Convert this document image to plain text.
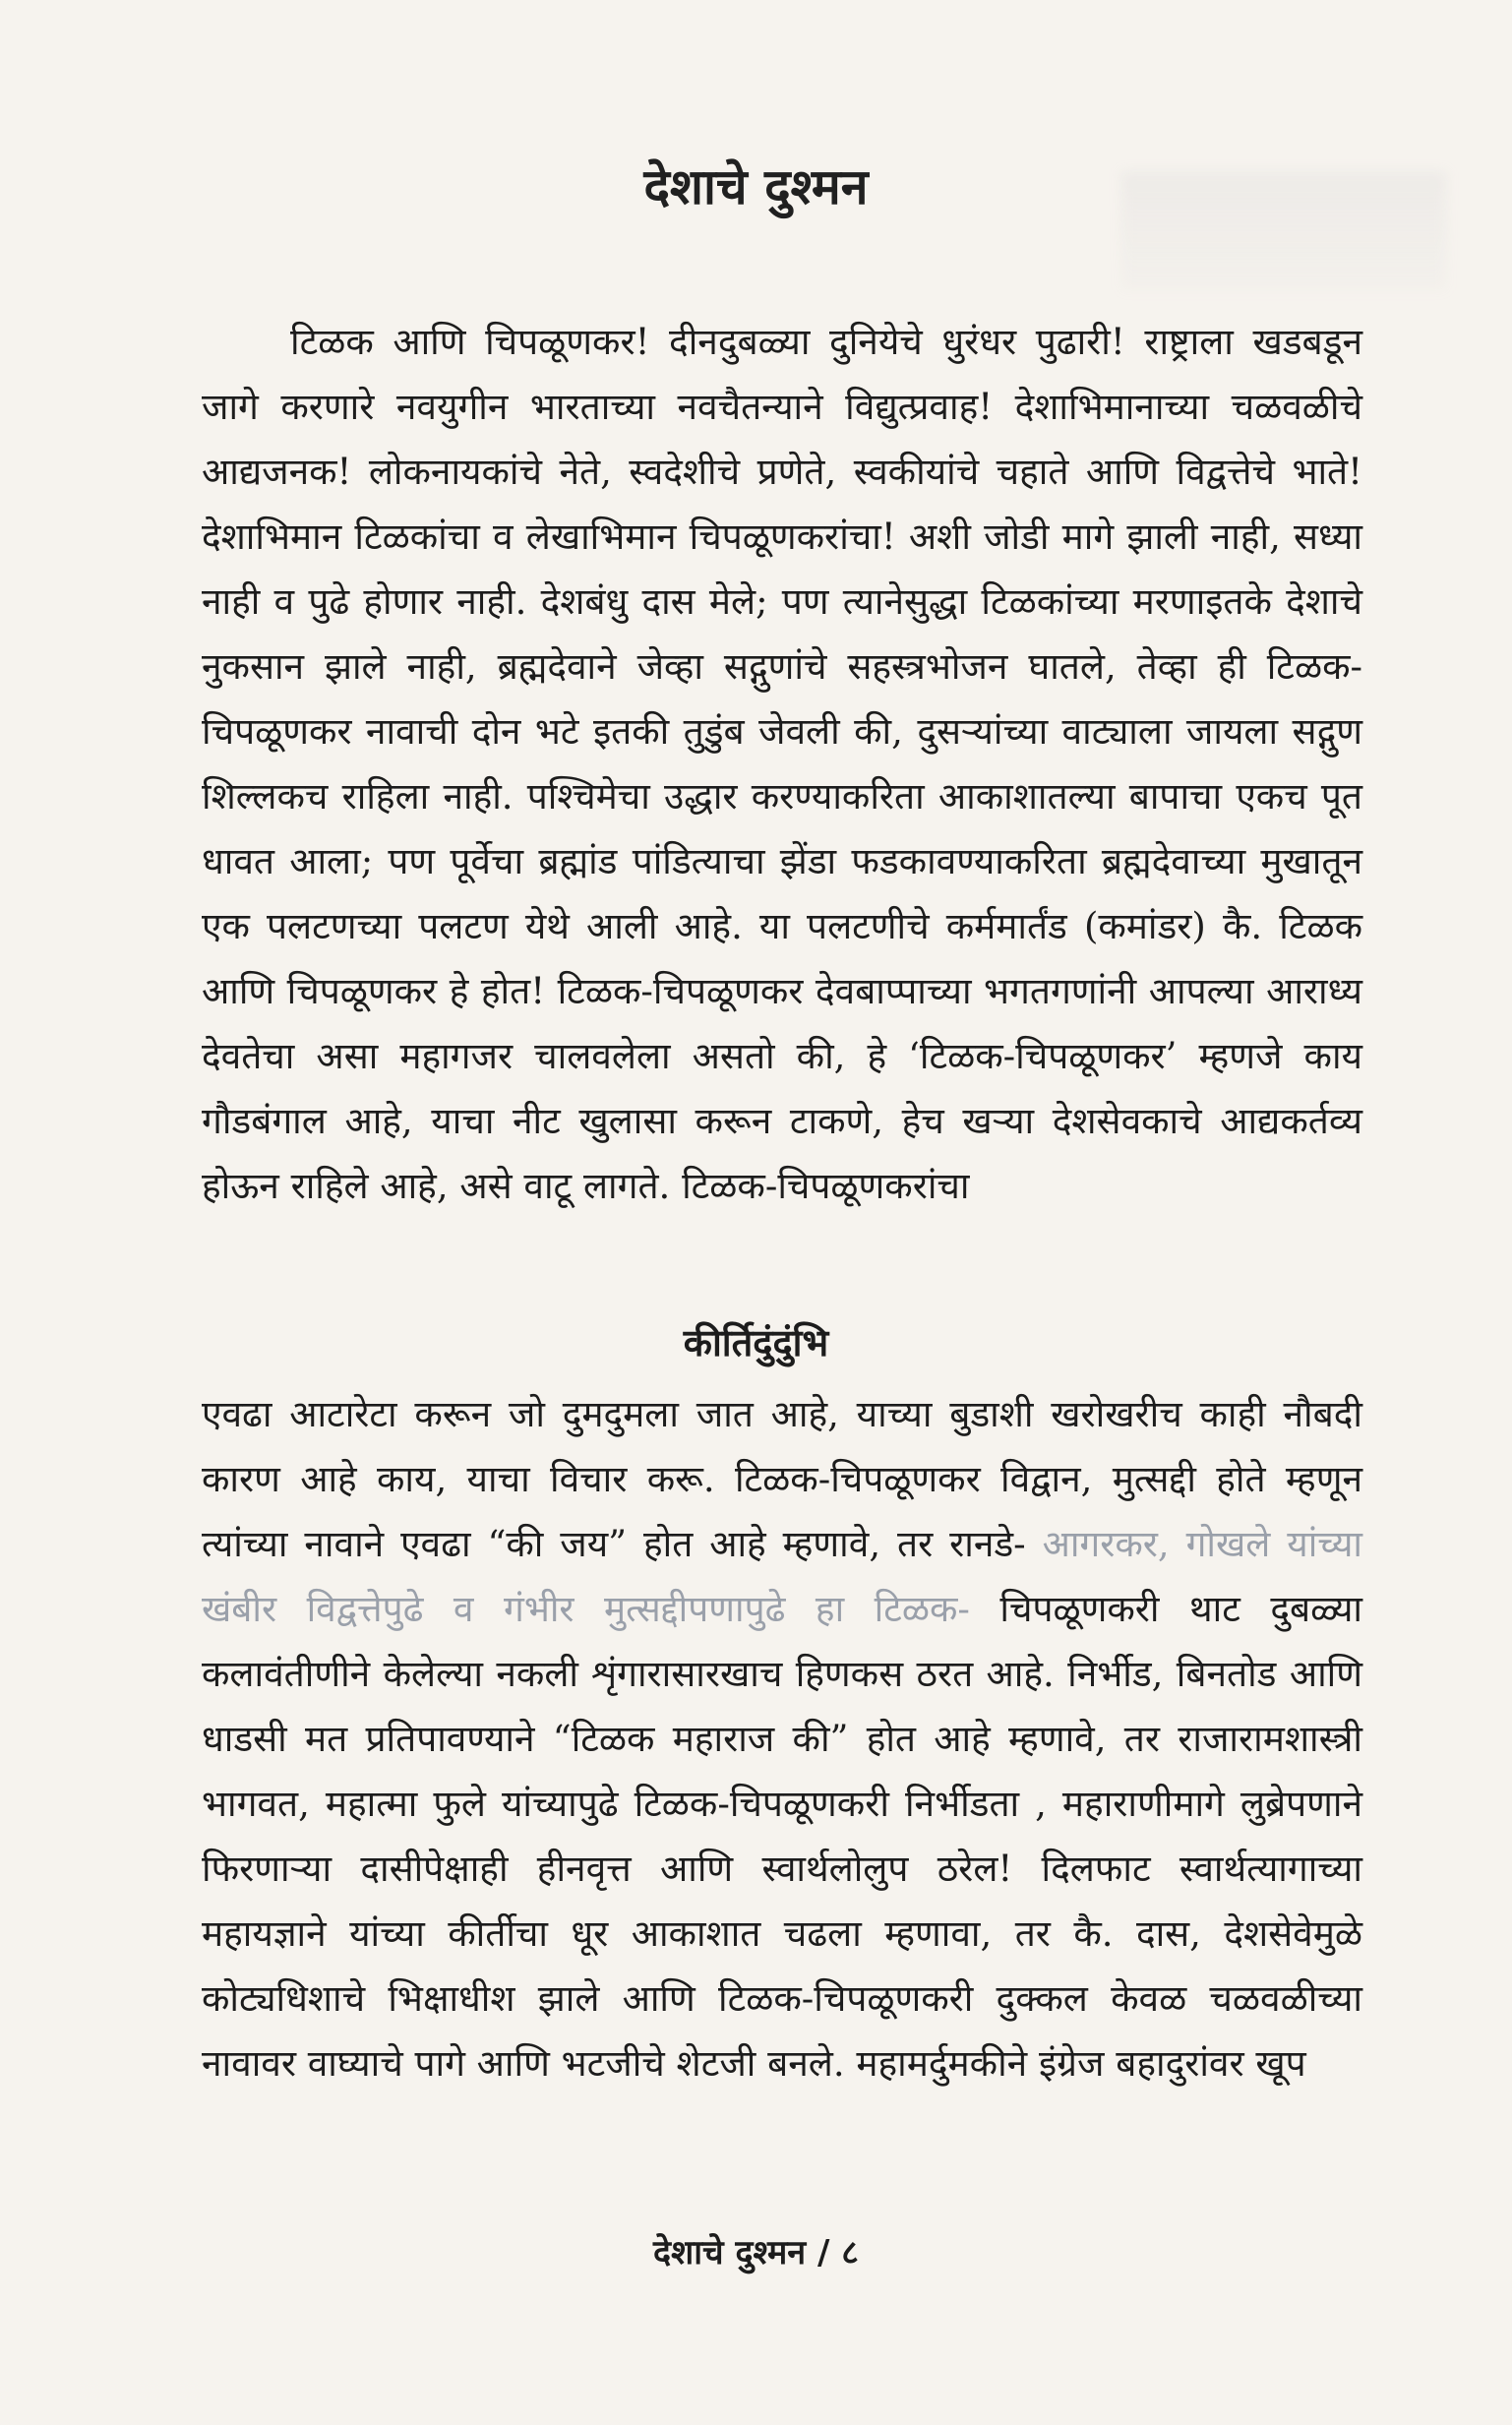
देशाचे दुश्मन

टिळक आणि चिपळूणकर! दीनदुबळ्या दुनियेचे धुरंधर पुढारी! राष्ट्राला खडबडून जागे करणारे नवयुगीन भारताच्या नवचैतन्याने विद्युत्प्रवाह! देशाभिमानाच्या चळवळीचे आद्यजनक! लोकनायकांचे नेते, स्वदेशीचे प्रणेते, स्वकीयांचे चहाते आणि विद्वत्तेचे भाते! देशाभिमान टिळकांचा व लेखाभिमान चिपळूणकरांचा! अशी जोडी मागे झाली नाही, सध्या नाही व पुढे होणार नाही. देशबंधु दास मेले; पण त्यानेसुद्धा टिळकांच्या मरणाइतके देशाचे नुकसान झाले नाही, ब्रह्मदेवाने जेव्हा सद्गुणांचे सहस्त्रभोजन घातले, तेव्हा ही टिळक-चिपळूणकर नावाची दोन भटे इतकी तुडुंब जेवली की, दुसऱ्यांच्या वाट्याला जायला सद्गुण शिल्लकच राहिला नाही. पश्चिमेचा उद्धार करण्याकरिता आकाशातल्या बापाचा एकच पूत धावत आला; पण पूर्वेचा ब्रह्मांड पांडित्याचा झेंडा फडकावण्याकरिता ब्रह्मदेवाच्या मुखातून एक पलटणच्या पलटण येथे आली आहे. या पलटणीचे कर्ममार्तंड (कमांडर) कै. टिळक आणि चिपळूणकर हे होत! टिळक-चिपळूणकर देवबाप्पाच्या भगतगणांनी आपल्या आराध्य देवतेचा असा महागजर चालवलेला असतो की, हे ‘टिळक-चिपळूणकर’ म्हणजे काय गौडबंगाल आहे, याचा नीट खुलासा करून टाकणे, हेच खऱ्या देशसेवकाचे आद्यकर्तव्य होऊन राहिले आहे, असे वाटू लागते. टिळक-चिपळूणकरांचा

कीर्तिदुंदुंभि

एवढा आटारेटा करून जो दुमदुमला जात आहे, याच्या बुडाशी खरोखरीच काही नौबदी कारण आहे काय, याचा विचार करू. टिळक-चिपळूणकर विद्वान, मुत्सद्दी होते म्हणून त्यांच्या नावाने एवढा “की जय” होत आहे म्हणावे, तर रानडे- आगरकर, गोखले यांच्या खंबीर विद्वत्तेपुढे व गंभीर मुत्सद्दीपणापुढे हा टिळक- चिपळूणकरी थाट दुबळ्या कलावंतीणीने केलेल्या नकली शृंगारासारखाच हिणकस ठरत आहे. निर्भीड, बिनतोड आणि धाडसी मत प्रतिपावण्याने “टिळक महाराज की” होत आहे म्हणावे, तर राजारामशास्त्री भागवत, महात्मा फुले यांच्यापुढे टिळक-चिपळूणकरी निर्भीडता , महाराणीमागे लुब्रेपणाने फिरणाऱ्या दासीपेक्षाही हीनवृत्त आणि स्वार्थलोलुप ठरेल! दिलफाट स्वार्थत्यागाच्या महायज्ञाने यांच्या कीर्तीचा धूर आकाशात चढला म्हणावा, तर कै. दास, देशसेवेमुळे कोट्यधिशाचे भिक्षाधीश झाले आणि टिळक-चिपळूणकरी दुक्कल केवळ चळवळीच्या नावावर वाघ्याचे पागे आणि भटजीचे शेटजी बनले. महामर्दुमकीने इंग्रेज बहादुरांवर खूप

देशाचे दुश्मन / ८
